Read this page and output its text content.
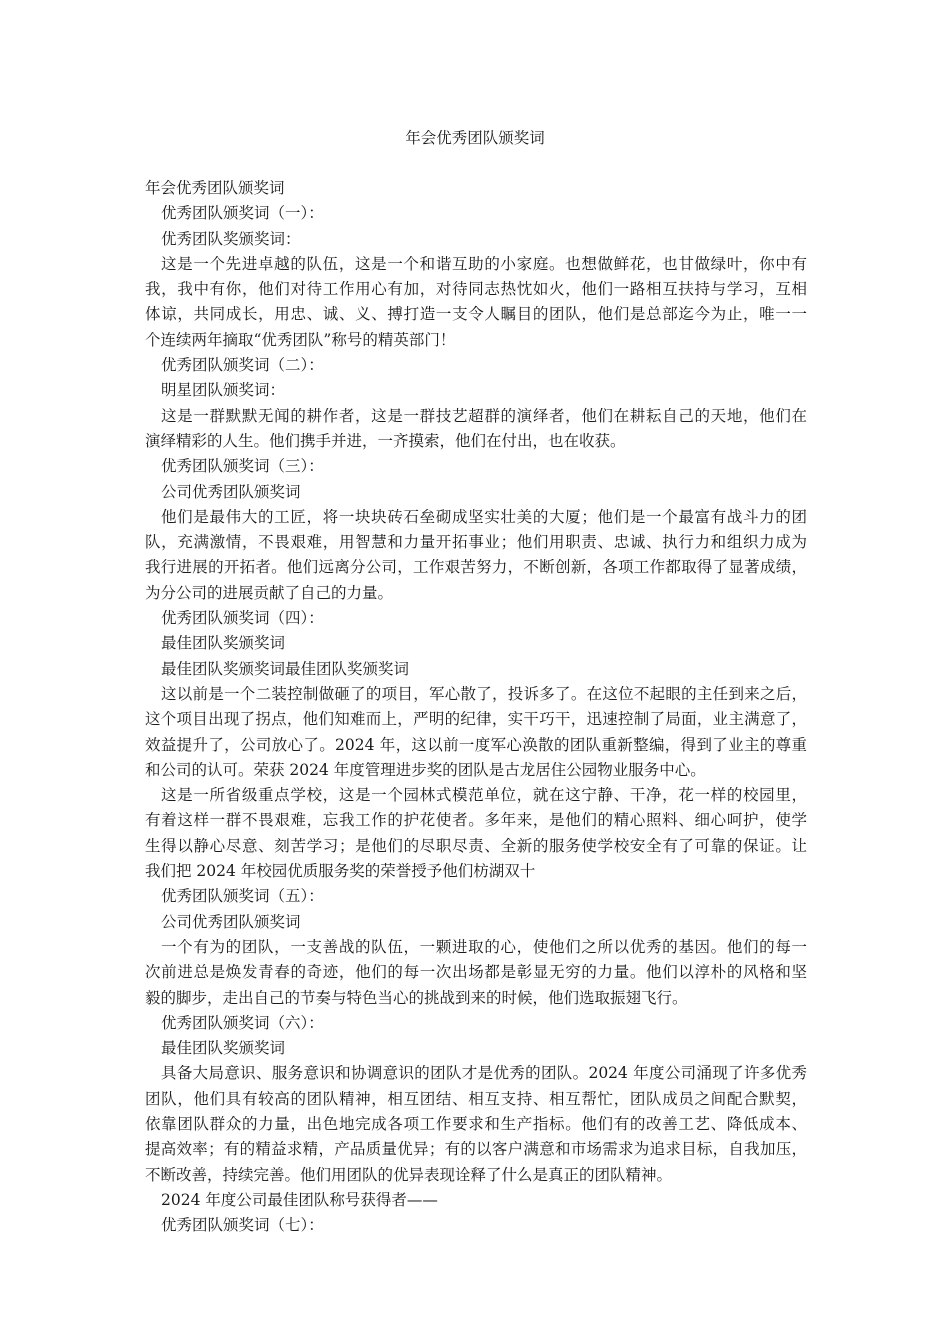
年会优秀团队颁奖词
年会优秀团队颁奖词
优秀团队颁奖词（一）：
优秀团队奖颁奖词：
这是一个先进卓越的队伍，这是一个和谐互助的小家庭。也想做鲜花，也甘做绿叶，你中有
我，我中有你，他们对待工作用心有加，对待同志热忱如火，他们一路相互扶持与学习，互相
体谅，共同成长，用忠、诚、义、搏打造一支令人瞩目的团队，他们是总部迄今为止，唯一一
个连续两年摘取“优秀团队”称号的精英部门！
优秀团队颁奖词（二）：
明星团队颁奖词：
这是一群默默无闻的耕作者，这是一群技艺超群的演绎者，他们在耕耘自己的天地，他们在
演绎精彩的人生。他们携手并进，一齐摸索，他们在付出，也在收获。
优秀团队颁奖词（三）：
公司优秀团队颁奖词
他们是最伟大的工匠，将一块块砖石垒砌成坚实壮美的大厦；他们是一个最富有战斗力的团
队，充满激情，不畏艰难，用智慧和力量开拓事业；他们用职责、忠诚、执行力和组织力成为
我行进展的开拓者。他们远离分公司，工作艰苦努力，不断创新，各项工作都取得了显著成绩，
为分公司的进展贡献了自己的力量。
优秀团队颁奖词（四）：
最佳团队奖颁奖词
最佳团队奖颁奖词最佳团队奖颁奖词
这以前是一个二装控制做砸了的项目，军心散了，投诉多了。在这位不起眼的主任到来之后，
这个项目出现了拐点，他们知难而上，严明的纪律，实干巧干，迅速控制了局面，业主满意了，
效益提升了，公司放心了。2024 年，这以前一度军心涣散的团队重新整编，得到了业主的尊重
和公司的认可。荣获 2024 年度管理进步奖的团队是古龙居住公园物业服务中心。
这是一所省级重点学校，这是一个园林式模范单位，就在这宁静、干净，花一样的校园里，
有着这样一群不畏艰难，忘我工作的护花使者。多年来，是他们的精心照料、细心呵护，使学
生得以静心尽意、刻苦学习；是他们的尽职尽责、全新的服务使学校安全有了可靠的保证。让
我们把 2024 年校园优质服务奖的荣誉授予他们枋湖双十
优秀团队颁奖词（五）：
公司优秀团队颁奖词
一个有为的团队，一支善战的队伍，一颗进取的心，使他们之所以优秀的基因。他们的每一
次前进总是焕发青春的奇迹，他们的每一次出场都是彰显无穷的力量。他们以淳朴的风格和坚
毅的脚步，走出自己的节奏与特色当心的挑战到来的时候，他们选取振翅飞行。
优秀团队颁奖词（六）：
最佳团队奖颁奖词
具备大局意识、服务意识和协调意识的团队才是优秀的团队。2024 年度公司涌现了许多优秀
团队，他们具有较高的团队精神，相互团结、相互支持、相互帮忙，团队成员之间配合默契，
依靠团队群众的力量，出色地完成各项工作要求和生产指标。他们有的改善工艺、降低成本、
提高效率；有的精益求精，产品质量优异；有的以客户满意和市场需求为追求目标，自我加压，
不断改善，持续完善。他们用团队的优异表现诠释了什么是真正的团队精神。
2024 年度公司最佳团队称号获得者——
优秀团队颁奖词（七）：
